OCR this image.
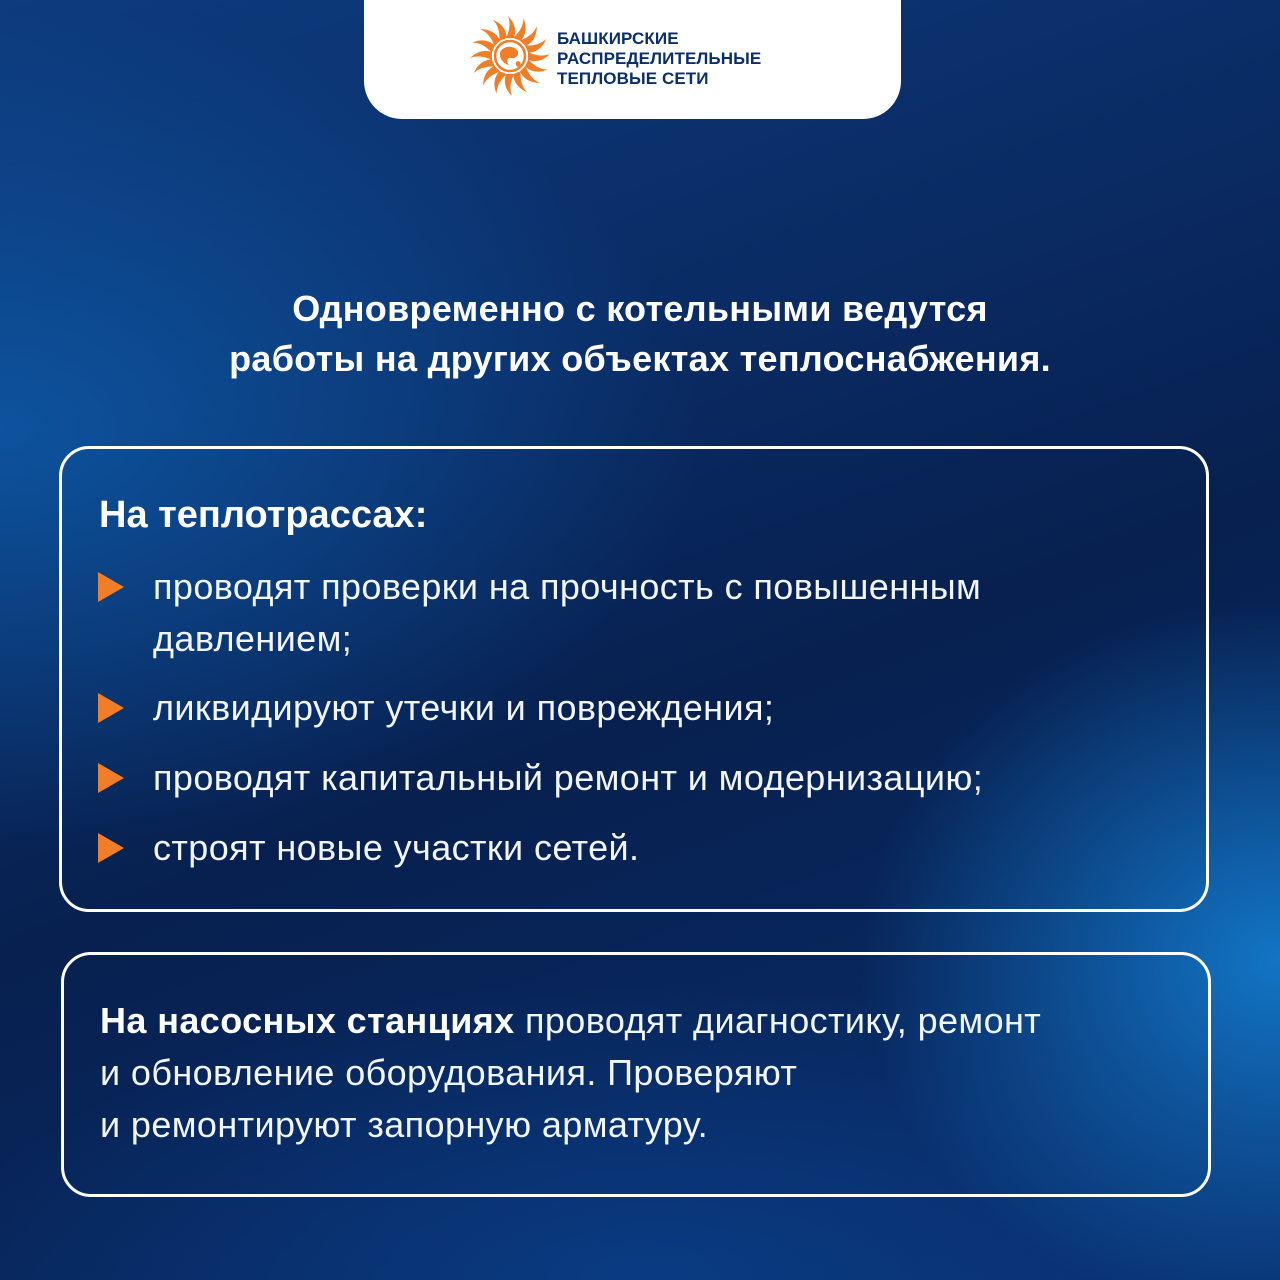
БАШКИРСКИЕ
РАСПРЕДЕЛИТЕЛЬНЫЕ
ТЕПЛОВЫЕ СЕТИ
Одновременно с котельными ведутся
работы на других объектах теплоснабжения.
На теплотрассах:
проводят проверки на прочность с повышенным
давлением;
ликвидируют утечки и повреждения;
проводят капитальный ремонт и модернизацию;
строят новые участки сетей.
На насосных станциях проводят диагностику, ремонт
и обновление оборудования. Проверяют
и ремонтируют запорную арматуру.
